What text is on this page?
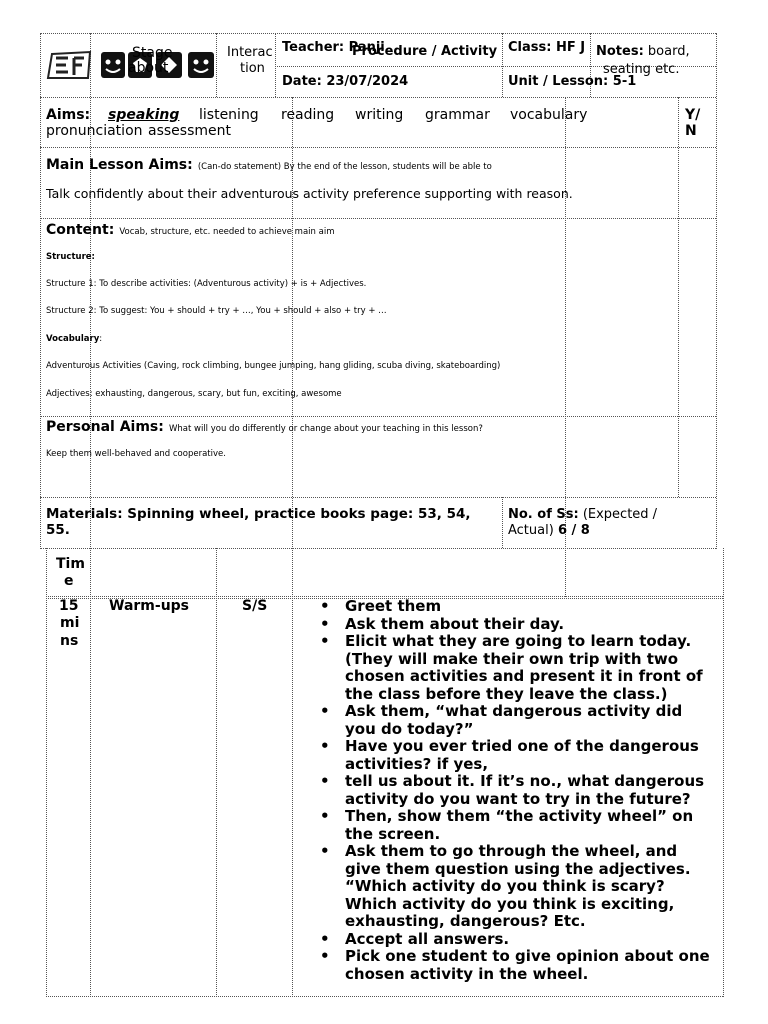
EF	Stage
about
Interac
tion
Teacher: Panji
Procedure / Activity Class: HF J Notes: board,
seating etc.
Date: 23/07/2024	Unit / Lesson: 5-1
Aims: speaking listening reading writing grammar vocabulary
pronunciation assessment
Y/
N
Main Lesson Aims: (Can-do statement) By the end of the lesson, students will be able to
Talk confidently about their adventurous activity preference supporting with reason.
Content: Vocab, structure, etc. needed to achieve main aim
Structure:
Structure 1: To describe activities: (Adventurous activity) + is + Adjectives.
Structure 2: To suggest: You + should + try + …, You + should + also + try + …
Vocabulary:
Adventurous Activities (Caving, rock climbing, bungee jumping, hang gliding, scuba diving, skateboarding)
Adjectives: exhausting, dangerous, scary, but fun, exciting, awesome
Personal Aims: What will you do differently or change about your teaching in this lesson?
Keep them well-behaved and cooperative.
Materials: Spinning wheel, practice books page: 53, 54,
55.
No. of Ss: (Expected /
Actual) 6 / 8
Tim
e
15
mi
ns
Warm-ups	S/S
•	Greet them
• Ask them about their day.
• Elicit what they are going to learn today. (They will make their own trip with two chosen activities and present it in front of the class before they leave the class.)
• Ask them, “what dangerous activity did you do today?”
• Have you ever tried one of the dangerous activities? if yes,
• tell us about it. If it’s no., what dangerous activity do you want to try in the future?
• Then, show them “the activity wheel” on the screen.
• Ask them to go through the wheel, and give them question using the adjectives. “Which activity do you think is scary? Which activity do you think is exciting, exhausting, dangerous? Etc.
• Accept all answers.
• Pick one student to give opinion about one chosen activity in the wheel.
